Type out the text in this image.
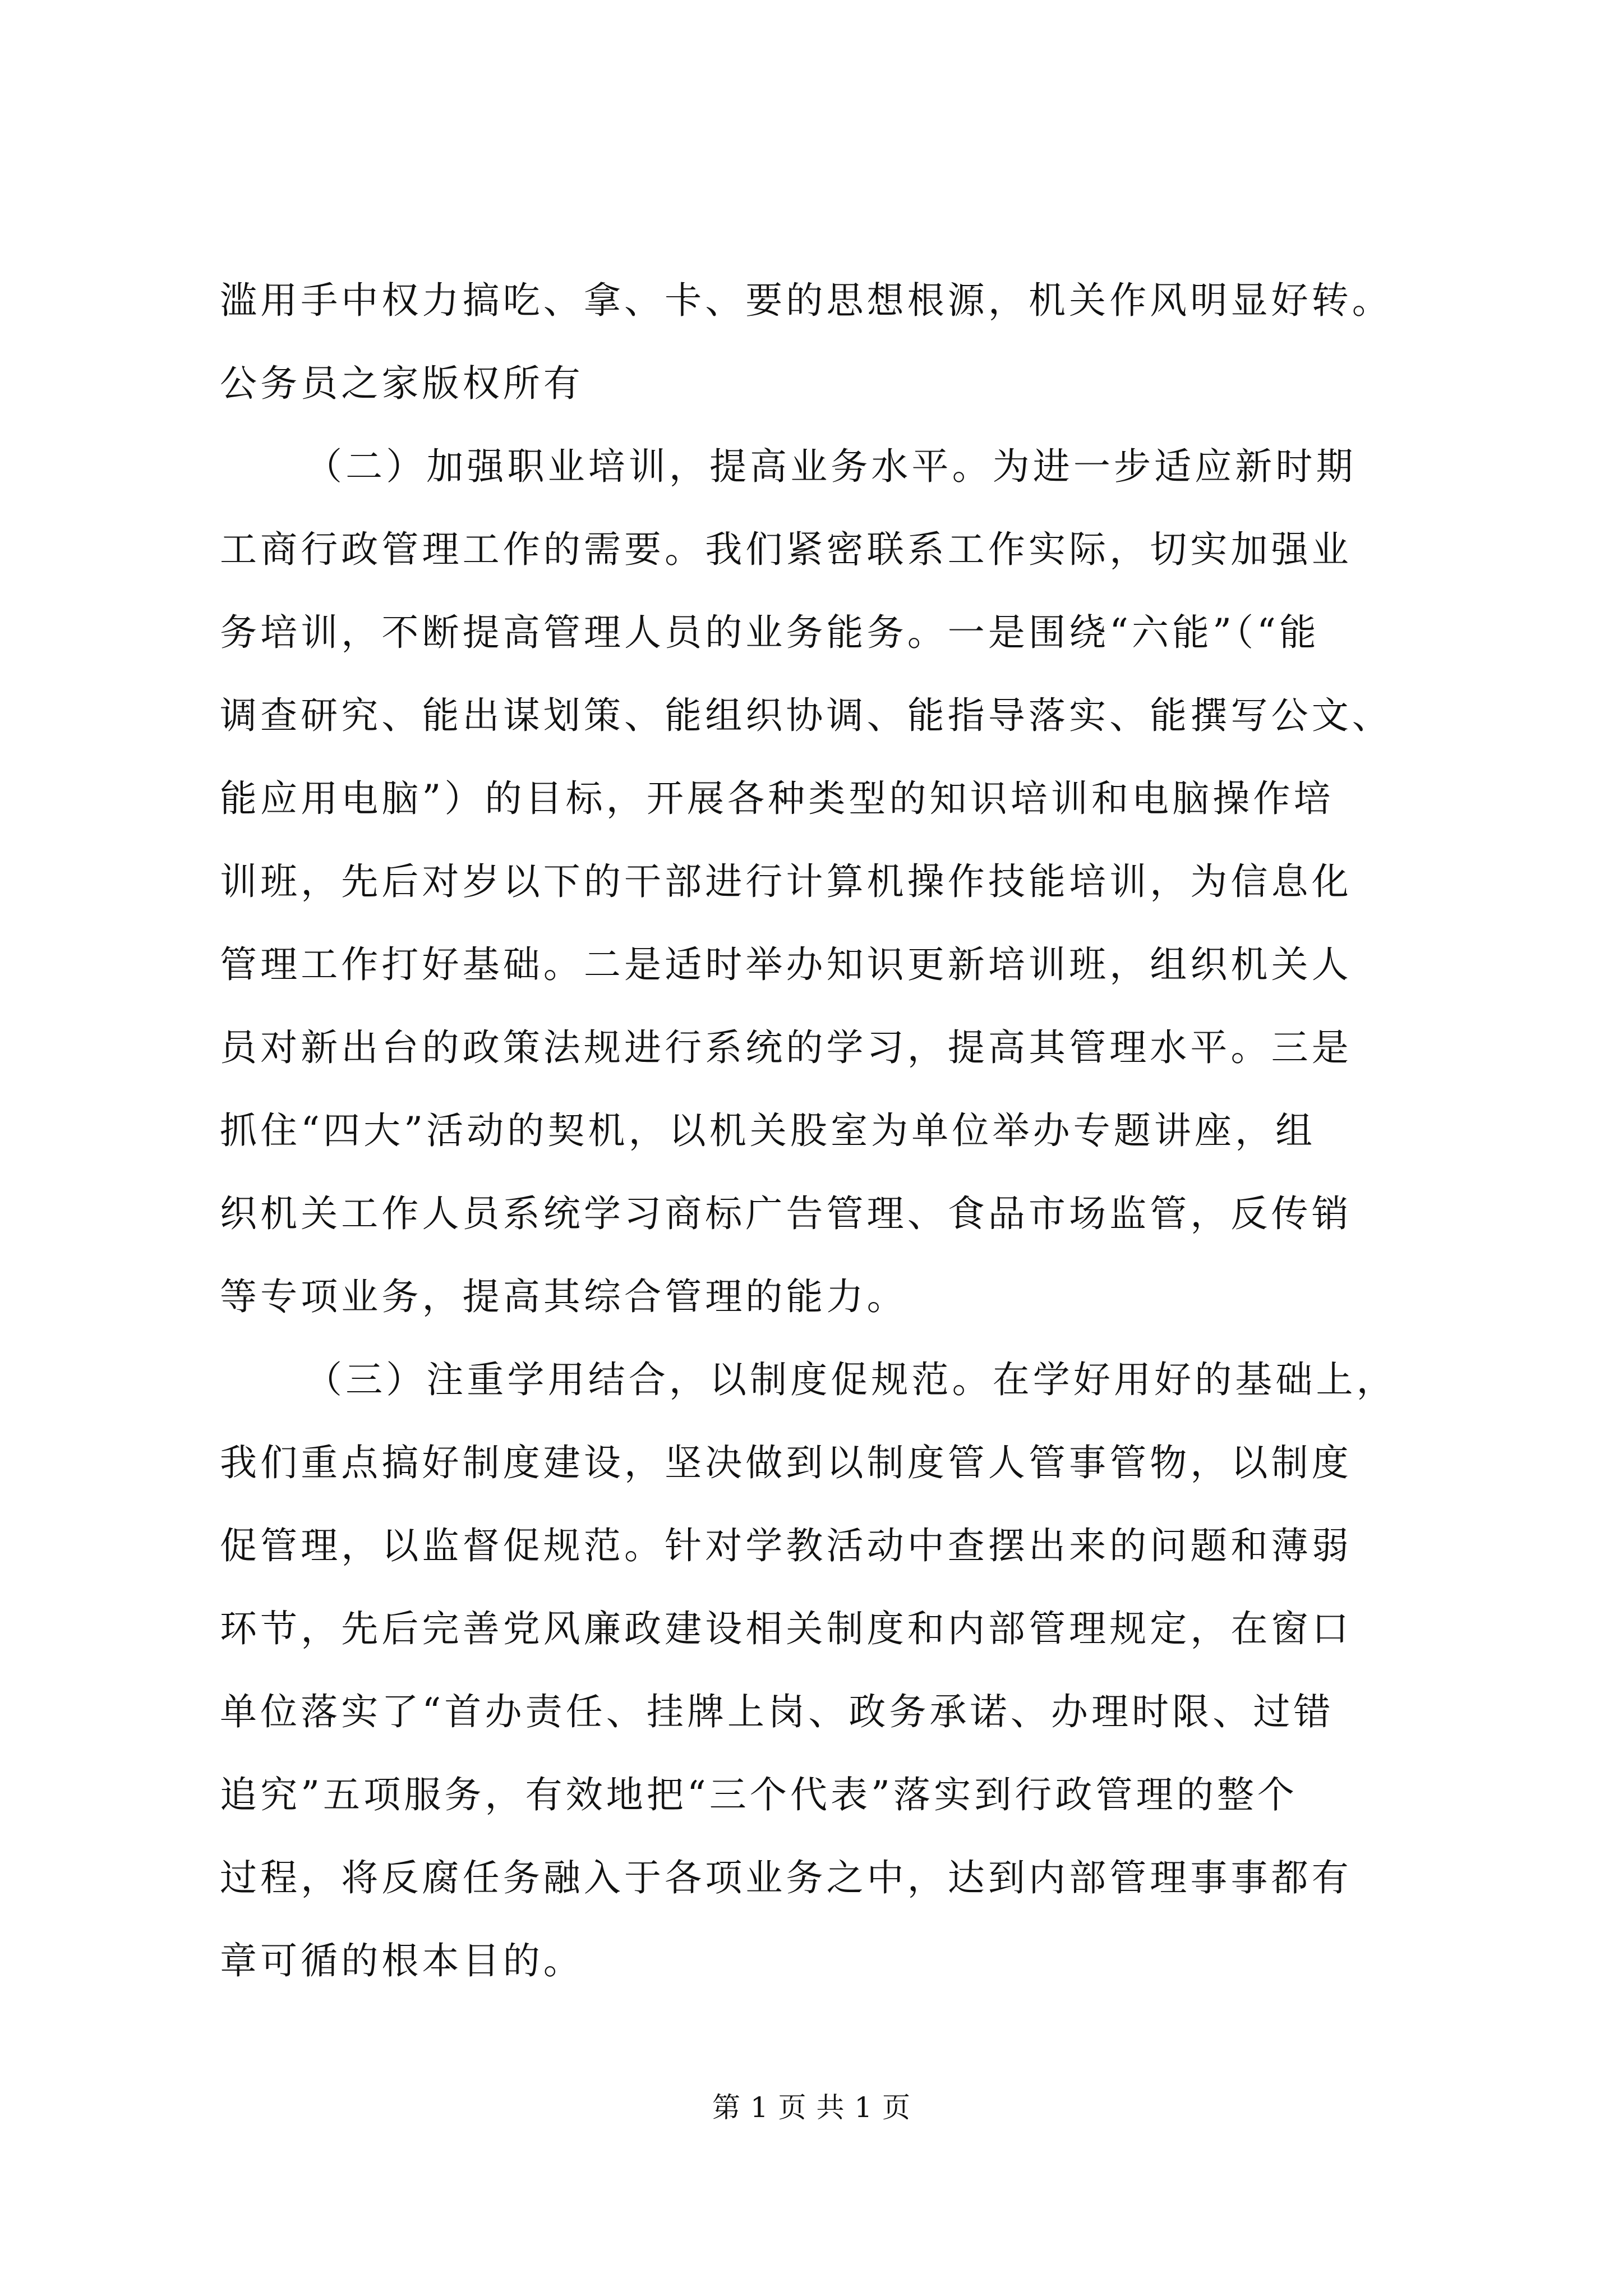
滥用手中权力搞吃、拿、卡、要的思想根源，机关作风明显好转。
公务员之家版权所有
（二）加强职业培训，提高业务水平。为进一步适应新时期
工商行政管理工作的需要。我们紧密联系工作实际，切实加强业
务培训，不断提高管理人员的业务能务。一是围绕“六能”（“能
调查研究、能出谋划策、能组织协调、能指导落实、能撰写公文、
能应用电脑”）的目标，开展各种类型的知识培训和电脑操作培
训班，先后对岁以下的干部进行计算机操作技能培训，为信息化
管理工作打好基础。二是适时举办知识更新培训班，组织机关人
员对新出台的政策法规进行系统的学习，提高其管理水平。三是
抓住“四大”活动的契机，以机关股室为单位举办专题讲座，组
织机关工作人员系统学习商标广告管理、食品市场监管，反传销
等专项业务，提高其综合管理的能力。
（三）注重学用结合，以制度促规范。在学好用好的基础上，
我们重点搞好制度建设，坚决做到以制度管人管事管物，以制度
促管理，以监督促规范。针对学教活动中查摆出来的问题和薄弱
环节，先后完善党风廉政建设相关制度和内部管理规定，在窗口
单位落实了“首办责任、挂牌上岗、政务承诺、办理时限、过错
追究”五项服务，有效地把“三个代表”落实到行政管理的整个
过程，将反腐任务融入于各项业务之中，达到内部管理事事都有
章可循的根本目的。
第 1 页 共 1 页
